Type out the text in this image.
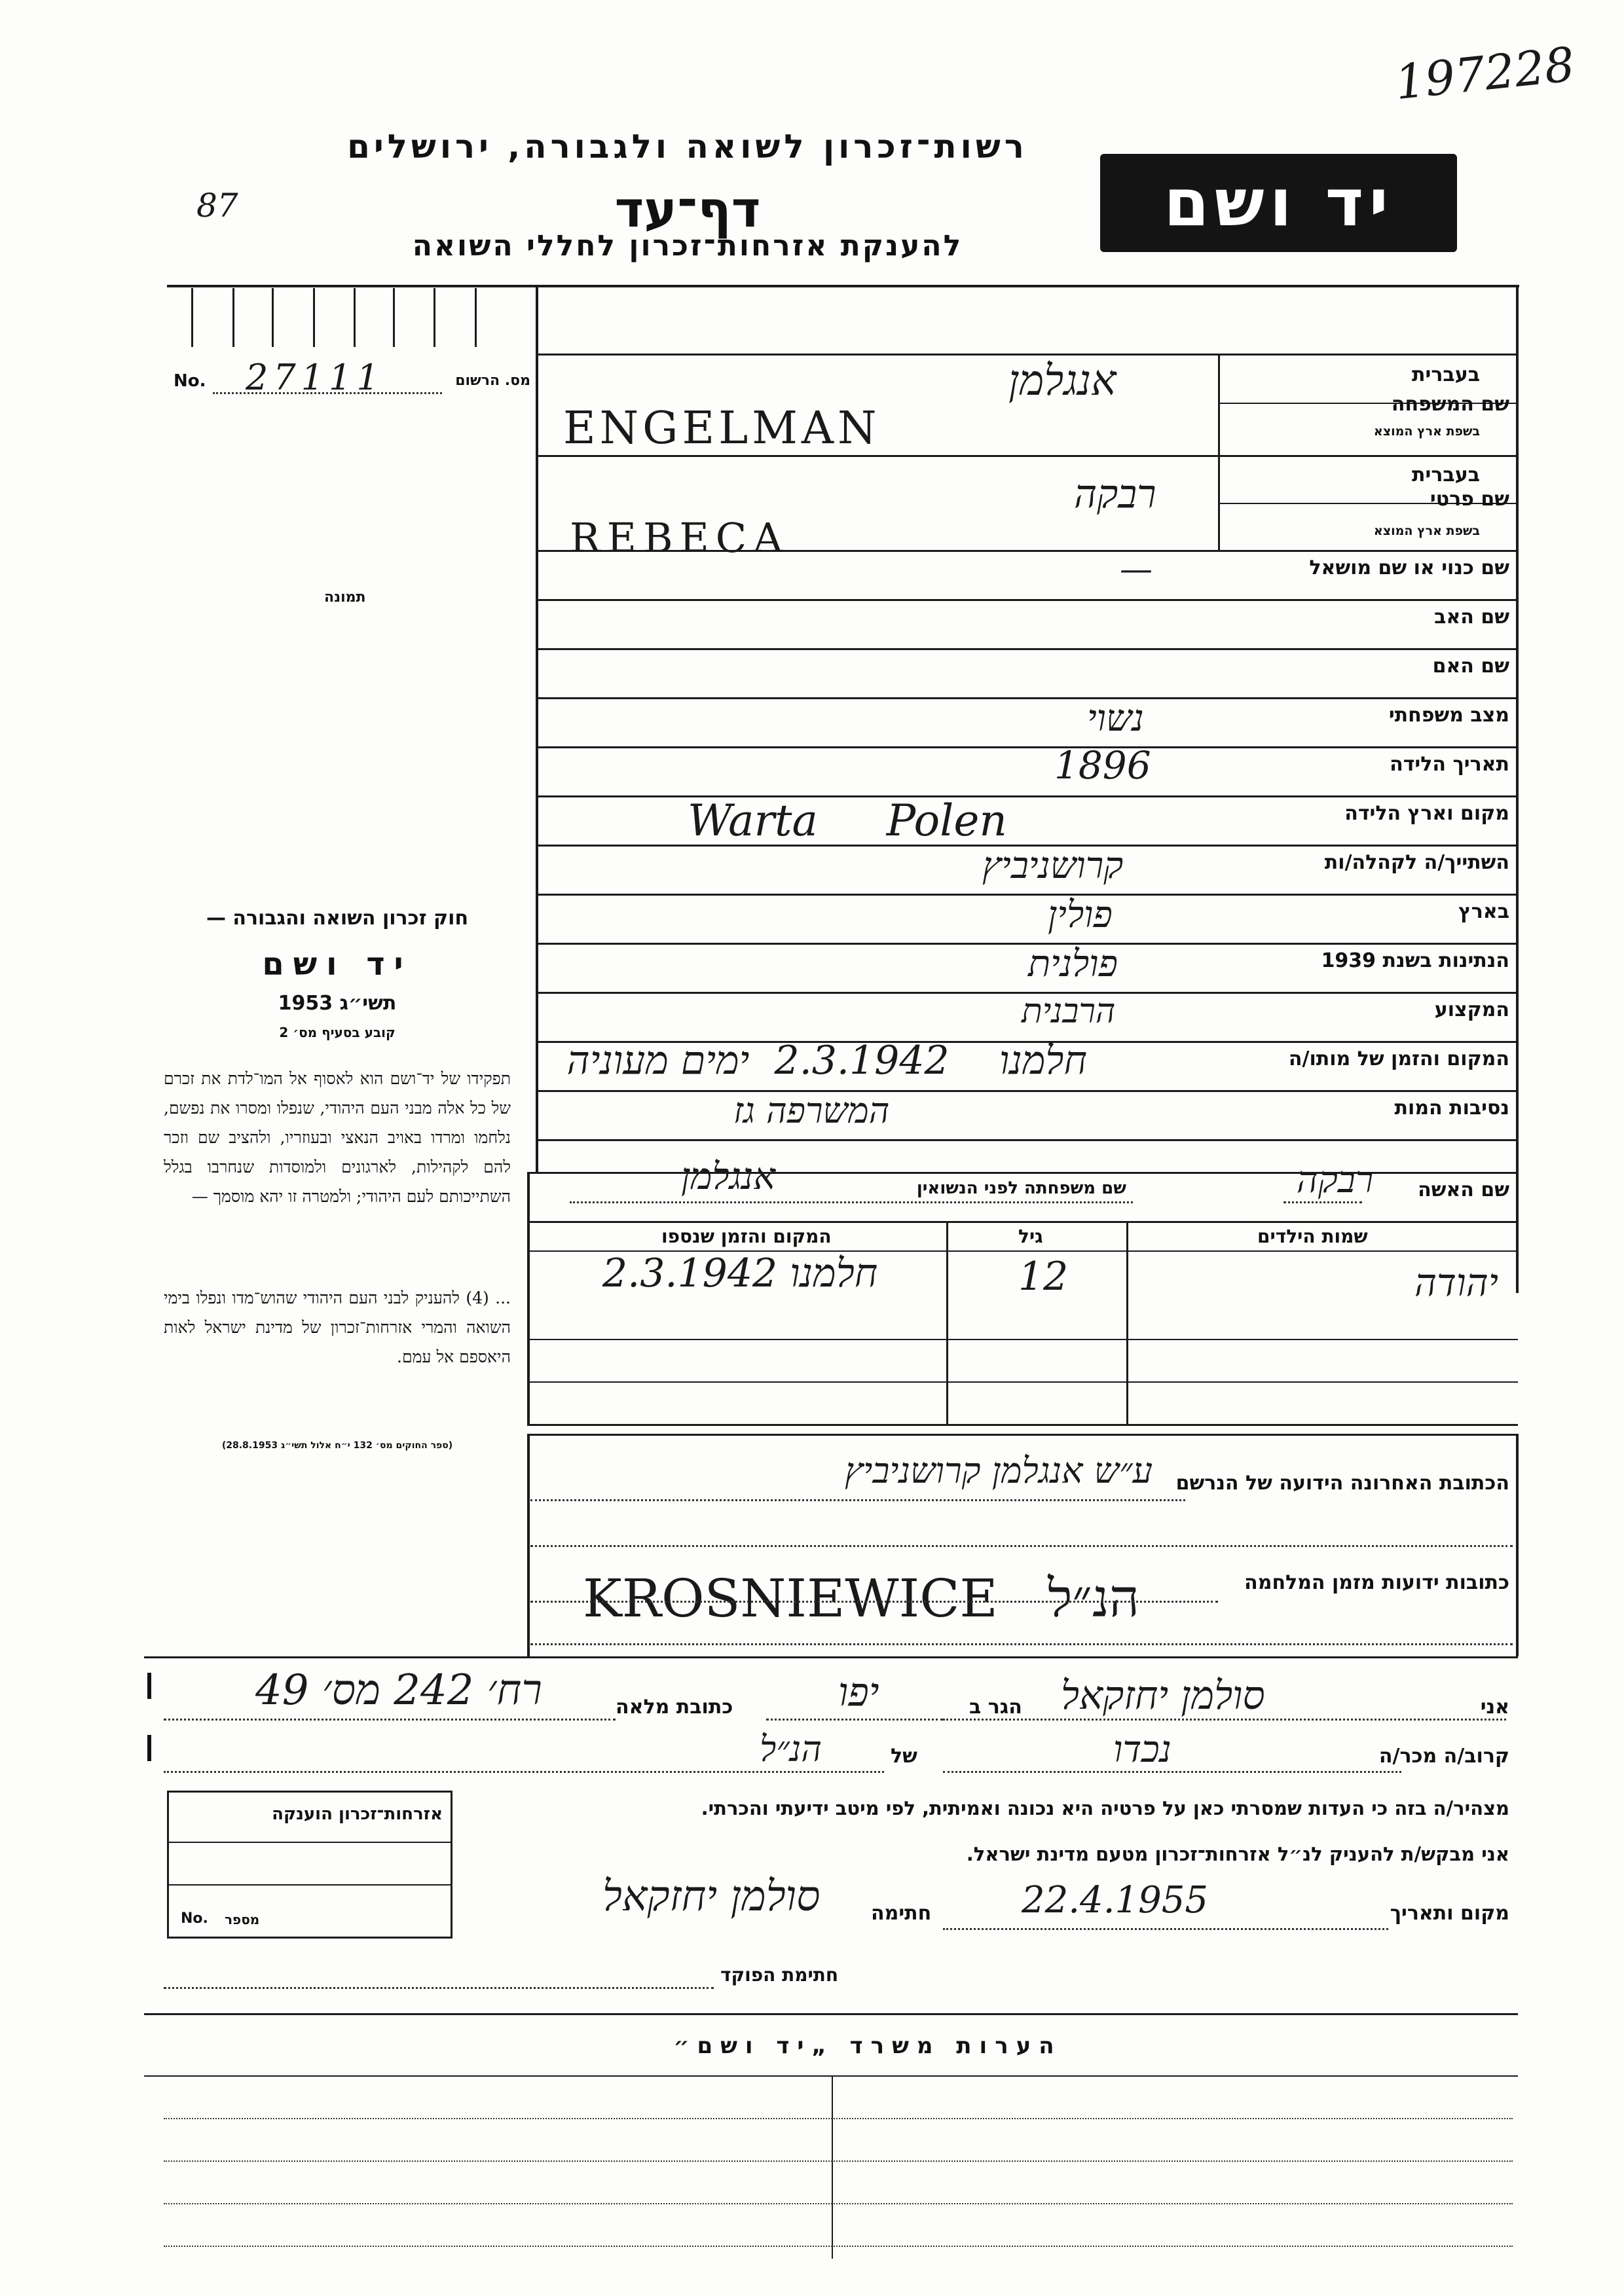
197228
87
רשות־זכרון לשואה ולגבורה, ירושלים
דף־עד
להענקת אזרחות־זכרון לחללי השואה
יד ושם
No. 27111	מס. הרשום
תמונה
שם המשפחה
בעברית
בשפת ארץ המוצא
אנגלמן
ENGELMAN
שם פרטי
בעברית
בשפת ארץ המוצא
רבקה
REBECA
שם כנוי או שם מושאל
—
שם האב
שם האם
מצב משפחתי
נשוי
תאריך הלידה
1896
מקום וארץ הלידה
Warta     Polen
השתייך/ה לקהלה/ות
קרושניביץ
בארץ
פולין
הנתינות בשנת 1939
פולנית
המקצוע
הרבנית
המקום והזמן של מותו/ה
חלמנו    2.3.1942  ימים מעוניה
נסיבות המות
המשרפה גז
שם האשה
רבקה
שם משפחתה לפני הנשואין
אנגלמן
שמות הילדים
גיל
המקום והזמן שנספו
יהודה
12
2.3.1942 חלמנו
חוק זכרון השואה והגבורה —
יד ושם
תשי״ג 1953
קובע בסעיף מס׳ 2
תפקידו של יד־ושם הוא לאסוף אל המו־לדת את זכרם של כל אלה מבני העם היהודי, שנפלו ומסרו את נפשם, נלחמו ומרדו באויב הנאצי ובעוזריו, ולהציב שם וזכר להם לקהילות, לארגונים ולמוסדות שנחרבו בגלל השתייכותם לעם היהודי; ולמטרה זו יהא מוסמך —
... (4) להעניק לבני העם היהודי שהוש־מדו ונפלו בימי השואה והמרי אזרחות־זכרון של מדינת ישראל לאות היאספם אל עמם.
(ספר החוקים מס׳ 132 י״ח אלול תשי״ג 28.8.1953)
הכתובת האחרונה הידועה של הנרשם
ע״ש אנגלמן קרושניביץ
כתובות ידועות מזמן המלחמה
KROSNIEWICE   הנ״ל
אני
סולמן יחזקאל
הגר ב
יפו
כתובת מלאה
רח׳ 242 מס׳ 49
קרוב/ה מכר/ה
נכדו
של
הנ״ל
מצהיר/ה בזה כי העדות שמסרתי כאן על פרטיה היא נכונה ואמיתית, לפי מיטב ידיעתי והכרתי.
אני מבקש/ת להעניק לנ״ל אזרחות־זכרון מטעם מדינת ישראל.
מקום ותאריך
22.4.1955
חתימה
סולמן יחזקאל
חתימת הפוקד
אזרחות־זכרון הוענקה
No. מספר
הערות משרד „יד ושם״
